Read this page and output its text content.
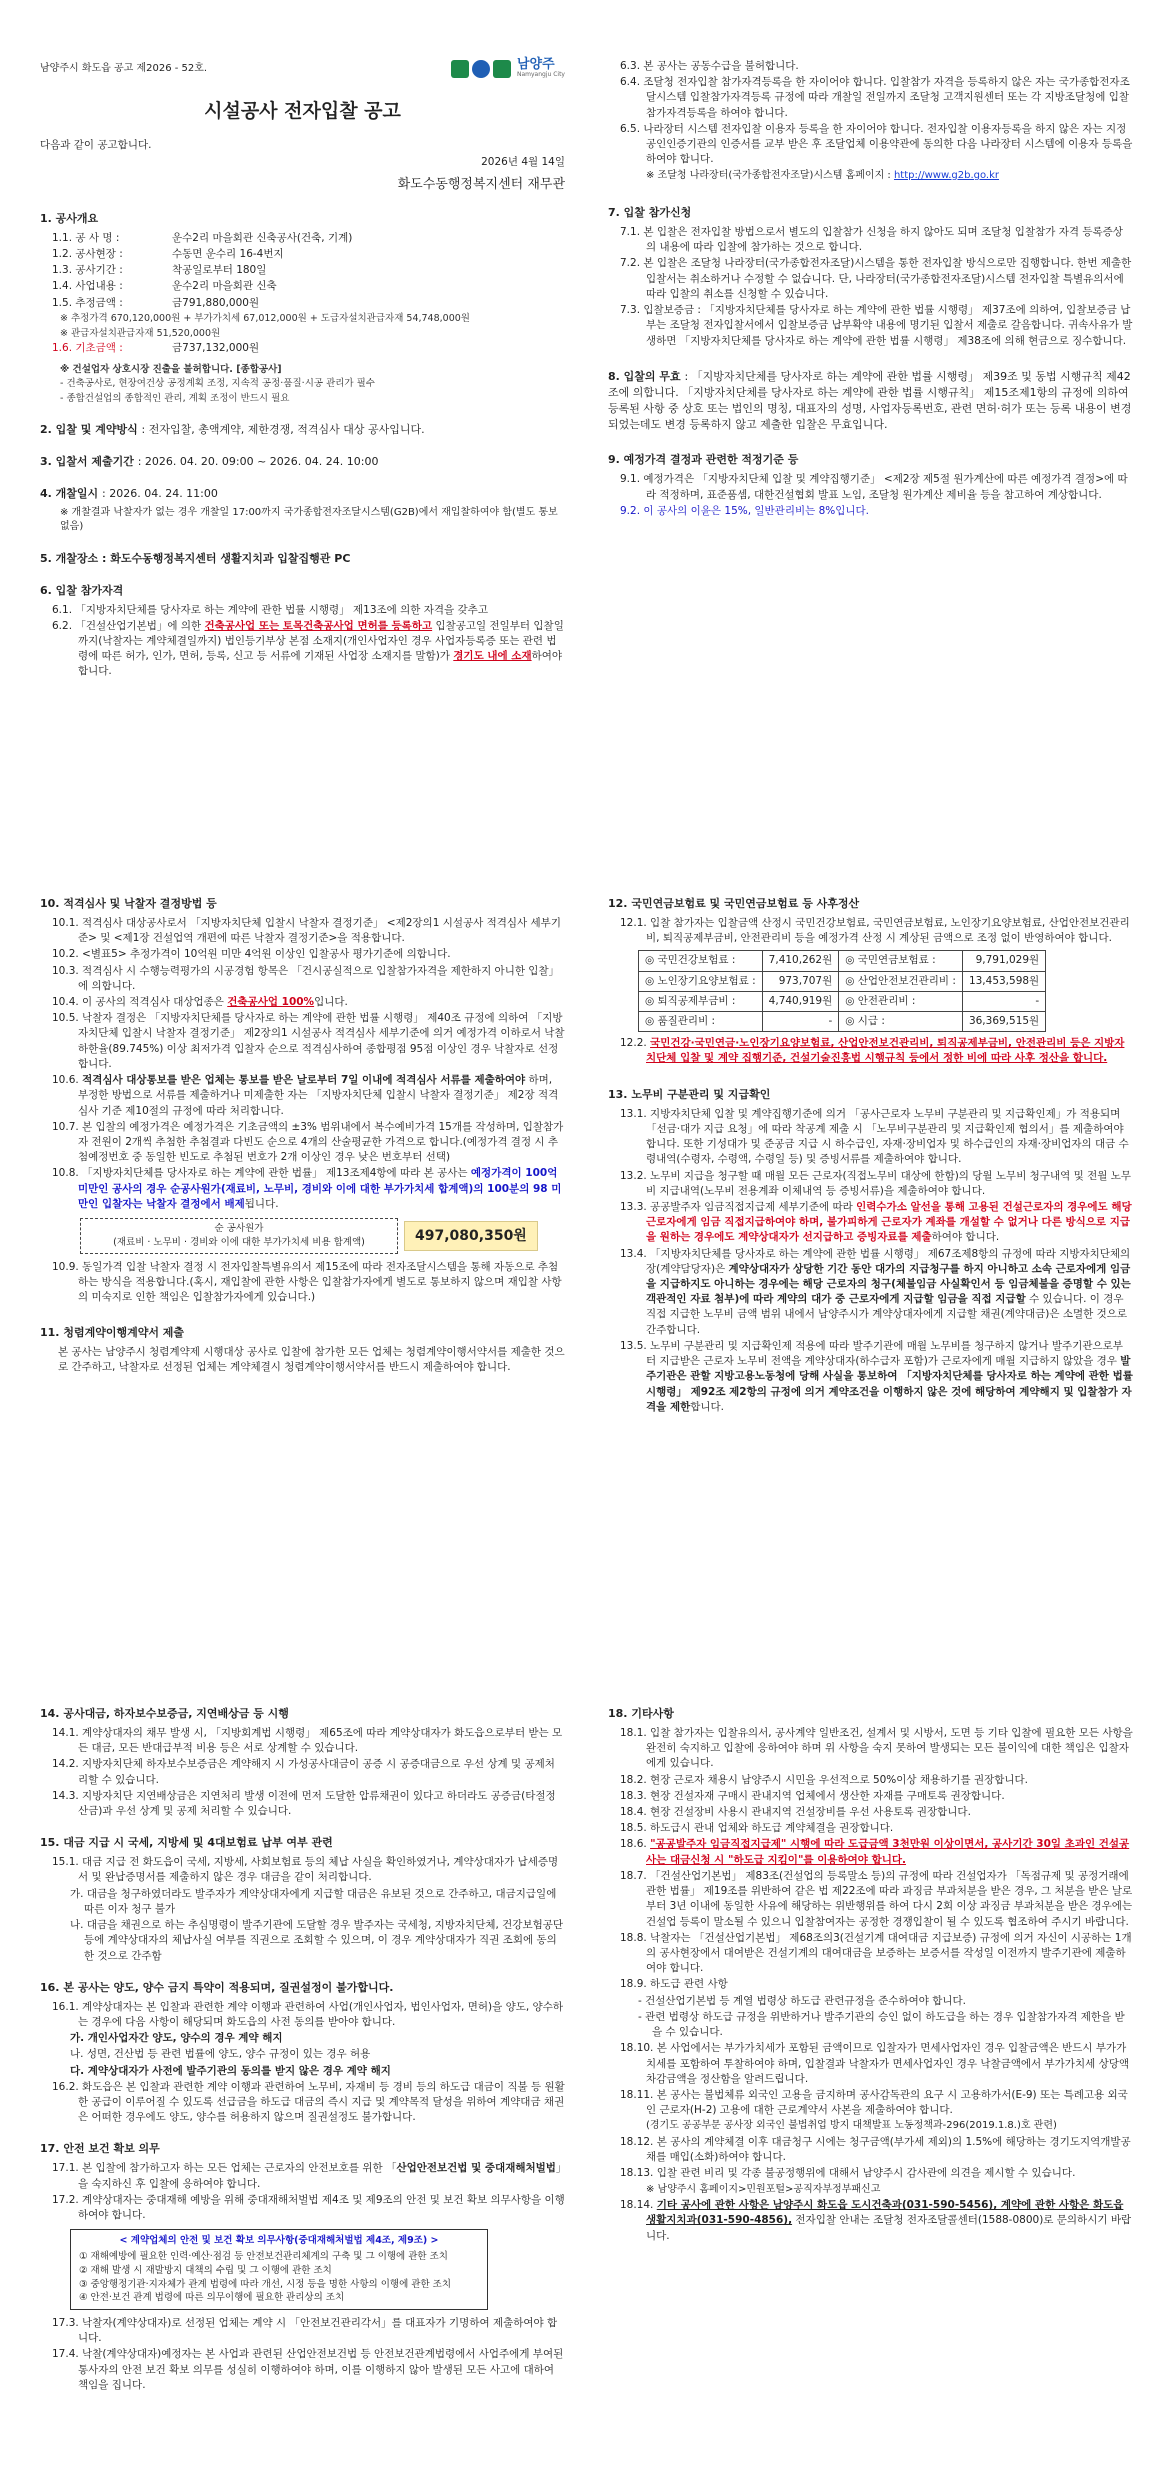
남양주시 화도읍 공고 제2026 - 52호.	남양주
Namyangju City

시설공사 전자입찰 공고

다음과 같이 공고합니다.

2026년 4월 14일

화도수동행정복지센터 재무관

1. 공사개요

1.1. 공 사 명 :	운수2리 마을회관 신축공사(건축, 기계)
1.2. 공사현장 :	수동면 운수리 16-4번지
1.3. 공사기간 :	착공일로부터 180일
1.4. 사업내용 :	운수2리 마을회관 신축
1.5. 추정금액 :	금791,880,000원

※ 추정가격 670,120,000원 + 부가가치세 67,012,000원 + 도급자설치관급자재 54,748,000원

※ 관급자설치관급자재 51,520,000원

1.6. 기초금액 :	금737,132,000원

※ 건설업자 상호시장 진출을 불허합니다. [종합공사]

- 건축공사로, 현장여건상 공정계획 조정, 지속적 공정·품질·시공 관리가 필수

- 종합건설업의 종합적인 관리, 계획 조정이 반드시 필요

2. 입찰 및 계약방식 : 전자입찰, 총액계약, 제한경쟁, 적격심사 대상 공사입니다.

3. 입찰서 제출기간 : 2026. 04. 20. 09:00 ~ 2026. 04. 24. 10:00

4. 개찰일시 : 2026. 04. 24. 11:00

※ 개찰결과 낙찰자가 없는 경우 개찰일 17:00까지 국가종합전자조달시스템(G2B)에서 재입찰하여야 함(별도 통보 없음)

5. 개찰장소 : 화도수동행정복지센터 생활지치과 입찰집행관 PC

6. 입찰 참가자격

6.1. 「지방자치단체를 당사자로 하는 계약에 관한 법률 시행령」 제13조에 의한 자격을 갖추고

6.2. 「건설산업기본법」에 의한 건축공사업 또는 토목건축공사업 면허를 등록하고 입찰공고일 전일부터 입찰일까지(낙찰자는 계약체결일까지) 법인등기부상 본점 소재지(개인사업자인 경우 사업자등록증 또는 관련 법령에 따른 허가, 인가, 면허, 등록, 신고 등 서류에 기재된 사업장 소재지를 말함)가 경기도 내에 소재하여야 합니다.

6.3. 본 공사는 공동수급을 불허합니다.

6.4. 조달청 전자입찰 참가자격등록을 한 자이어야 합니다. 입찰참가 자격을 등록하지 않은 자는 국가종합전자조달시스템 입찰참가자격등록 규정에 따라 개찰일 전일까지 조달청 고객지원센터 또는 각 지방조달청에 입찰참가자격등록을 하여야 합니다.

6.5. 나라장터 시스템 전자입찰 이용자 등록을 한 자이어야 합니다. 전자입찰 이용자등록을 하지 않은 자는 지정 공인인증기관의 인증서를 교부 받은 후 조달업체 이용약관에 동의한 다음 나라장터 시스템에 이용자 등록을 하여야 합니다.

※ 조달청 나라장터(국가종합전자조달)시스템 홈페이지 : http://www.g2b.go.kr

7. 입찰 참가신청

7.1. 본 입찰은 전자입찰 방법으로서 별도의 입찰참가 신청을 하지 않아도 되며 조달청 입찰참가 자격 등록증상의 내용에 따라 입찰에 참가하는 것으로 합니다.

7.2. 본 입찰은 조달청 나라장터(국가종합전자조달)시스템을 통한 전자입찰 방식으로만 집행합니다. 한번 제출한 입찰서는 취소하거나 수정할 수 없습니다. 단, 나라장터(국가종합전자조달)시스템 전자입찰 특별유의서에 따라 입찰의 취소를 신청할 수 있습니다.

7.3. 입찰보증금 : 「지방자치단체를 당사자로 하는 계약에 관한 법률 시행령」 제37조에 의하여, 입찰보증금 납부는 조달청 전자입찰서에서 입찰보증금 납부확약 내용에 명기된 입찰서 제출로 갈음합니다. 귀속사유가 발생하면 「지방자치단체를 당사자로 하는 계약에 관한 법률 시행령」 제38조에 의해 현금으로 징수합니다.

8. 입찰의 무효 : 「지방자치단체를 당사자로 하는 계약에 관한 법률 시행령」 제39조 및 동법 시행규칙 제42조에 의합니다. 「지방자치단체를 당사자로 하는 계약에 관한 법률 시행규칙」 제15조제1항의 규정에 의하여 등록된 사항 중 상호 또는 법인의 명칭, 대표자의 성명, 사업자등록번호, 관련 면허·허가 또는 등록 내용이 변경되었는데도 변경 등록하지 않고 제출한 입찰은 무효입니다.

9. 예정가격 결정과 관련한 적정기준 등

9.1. 예정가격은 「지방자치단체 입찰 및 계약집행기준」 <제2장 제5절 원가계산에 따른 예정가격 결정>에 따라 적정하며, 표준품셈, 대한건설협회 발표 노임, 조달청 원가계산 제비율 등을 참고하여 계상합니다.

9.2. 이 공사의 이윤은 15%, 일반관리비는 8%입니다.

10. 적격심사 및 낙찰자 결정방법 등

10.1. 적격심사 대상공사로서 「지방자치단체 입찰시 낙찰자 결정기준」 <제2장의1 시설공사 적격심사 세부기준> 및 <제1장 건설업역 개편에 따른 낙찰자 결정기준>을 적용합니다.

10.2. <별표5> 추정가격이 10억원 미만 4억원 이상인 입찰공사 평가기준에 의합니다.

10.3. 적격심사 시 수행능력평가의 시공경험 항목은 「건시공실적으로 입찰참가자격을 제한하지 아니한 입찰」에 의합니다.

10.4. 이 공사의 적격심사 대상업종은 건축공사업 100%입니다.

10.5. 낙찰자 결정은 「지방자치단체를 당사자로 하는 계약에 관한 법률 시행령」 제40조 규정에 의하여 「지방자치단체 입찰시 낙찰자 결정기준」 제2장의1 시설공사 적격심사 세부기준에 의거 예정가격 이하로서 낙찰하한율(89.745%) 이상 최저가격 입찰자 순으로 적격심사하여 종합평점 95점 이상인 경우 낙찰자로 선정합니다.

10.6. 적격심사 대상통보를 받은 업체는 통보를 받은 날로부터 7일 이내에 적격심사 서류를 제출하여야 하며, 부정한 방법으로 서류를 제출하거나 미제출한 자는 「지방자치단체 입찰시 낙찰자 결정기준」 제2장 적격심사 기준 제10절의 규정에 따라 처리합니다.

10.7. 본 입찰의 예정가격은 예정가격은 기초금액의 ±3% 범위내에서 복수예비가격 15개를 작성하며, 입찰참가자 전원이 2개씩 추첨한 추첨결과 다빈도 순으로 4개의 산술평균한 가격으로 합니다.(예정가격 결정 시 추첨예정번호 중 동일한 빈도로 추첨된 번호가 2개 이상인 경우 낮은 번호부터 선택)

10.8. 「지방자치단체를 당사자로 하는 계약에 관한 법률」 제13조제4항에 따라 본 공사는 예정가격이 100억 미만인 공사의 경우 순공사원가(재료비, 노무비, 경비와 이에 대한 부가가치세 합계액)의 100분의 98 미만인 입찰자는 낙찰자 결정에서 배제됩니다.

순 공사원가
(재료비 · 노무비 · 경비와 이에 대한 부가가치세 비용 합계액)	497,080,350원

10.9. 동일가격 입찰 낙찰자 결정 시 전자입찰특별유의서 제15조에 따라 전자조달시스템을 통해 자동으로 추첨하는 방식을 적용합니다.(혹시, 재입찰에 관한 사항은 입찰참가자에게 별도로 통보하지 않으며 재입찰 사항의 미숙지로 인한 책임은 입찰참가자에게 있습니다.)

11. 청렴계약이행계약서 제출

본 공사는 남양주시 청렴계약제 시행대상 공사로 입찰에 참가한 모든 업체는 청렴계약이행서약서를 제출한 것으로 간주하고, 낙찰자로 선정된 업체는 계약체결시 청렴계약이행서약서를 반드시 제출하여야 합니다.

12. 국민연금보험료 및 국민연금보험료 등 사후정산

12.1. 입찰 참가자는 입찰금액 산정시 국민건강보험료, 국민연금보험료, 노인장기요양보험료, 산업안전보건관리비, 퇴직공제부금비, 안전관리비 등을 예정가격 산정 시 계상된 금액으로 조정 없이 반영하여야 합니다.

◎ 국민건강보험료 :	7,410,262원	◎ 국민연금보험료 :	9,791,029원
◎ 노인장기요양보험료 :	973,707원	◎ 산업안전보건관리비 :	13,453,598원
◎ 퇴직공제부금비 :	4,740,919원	◎ 안전관리비 :	-
◎ 품질관리비 :	-	◎ 시급 :	36,369,515원

12.2. 국민건강·국민연금·노인장기요양보험료, 산업안전보건관리비, 퇴직공제부금비, 안전관리비 등은 지방자치단체 입찰 및 계약 집행기준, 건설기술진흥법 시행규칙 등에서 정한 비에 따라 사후 정산을 합니다.

13. 노무비 구분관리 및 지급확인

13.1. 지방자치단체 입찰 및 계약집행기준에 의거 「공사근로자 노무비 구분관리 및 지급확인제」가 적용되며 「선금·대가 지급 요청」에 따라 착공계 제출 시 「노무비구분관리 및 지급확인제 협의서」를 제출하여야 합니다. 또한 기성대가 및 준공금 지급 시 하수급인, 자재·장비업자 및 하수급인의 자재·장비업자의 대금 수령내역(수령자, 수령액, 수령일 등) 및 증빙서류를 제출하여야 합니다.

13.2. 노무비 지급을 청구할 때 매월 모든 근로자(직접노무비 대상에 한함)의 당월 노무비 청구내역 및 전월 노무비 지급내역(노무비 전용계좌 이체내역 등 증빙서류)을 제출하여야 합니다.

13.3. 공공발주자 임금직접지급제 세부기준에 따라 인력수가소 알선을 통해 고용된 건설근로자의 경우에도 해당 근로자에게 임금 직접지급하여야 하며, 불가피하게 근로자가 계좌를 개설할 수 없거나 다른 방식으로 지급을 원하는 경우에도 계약상대자가 선지급하고 증빙자료를 제출하여야 합니다.

13.4. 「지방자치단체를 당사자로 하는 계약에 관한 법률 시행령」 제67조제8항의 규정에 따라 지방자치단체의 장(계약담당자)은 계약상대자가 상당한 기간 동안 대가의 지급청구를 하지 아니하고 소속 근로자에게 임금을 지급하지도 아니하는 경우에는 해당 근로자의 청구(체불임금 사실확인서 등 임금체불을 증명할 수 있는 객관적인 자료 첨부)에 따라 계약의 대가 중 근로자에게 지급할 임금을 직접 지급할 수 있습니다. 이 경우 직접 지급한 노무비 금액 범위 내에서 남양주시가 계약상대자에게 지급할 채권(계약대금)은 소멸한 것으로 간주합니다.

13.5. 노무비 구분관리 및 지급확인제 적용에 따라 발주기관에 매월 노무비를 청구하지 않거나 발주기관으로부터 지급받은 근로자 노무비 전액을 계약상대자(하수급자 포함)가 근로자에게 매월 지급하지 않았을 경우 발주기관은 관할 지방고용노동청에 당해 사실을 통보하여 「지방자치단체를 당사자로 하는 계약에 관한 법률 시행령」 제92조 제2항의 규정에 의거 계약조건을 이행하지 않은 것에 해당하여 계약해지 및 입찰참가 자격을 제한합니다.

14. 공사대금, 하자보수보증금, 지연배상금 등 시행

14.1. 계약상대자의 채무 발생 시, 「지방회계법 시행령」 제65조에 따라 계약상대자가 화도읍으로부터 받는 모든 대금, 모든 반대급부적 비용 등은 서로 상계할 수 있습니다.

14.2. 지방자치단체 하자보수보증금은 계약해지 시 가성공사대금이 공증 시 공증대금으로 우선 상계 및 공제처리할 수 있습니다.

14.3. 지방자치단 지연배상금은 지연처리 발생 이전에 먼저 도달한 압류채권이 있다고 하더라도 공증금(타절정산금)과 우선 상계 및 공제 처리할 수 있습니다.

15. 대금 지급 시 국세, 지방세 및 4대보험료 납부 여부 관련

15.1. 대금 지급 전 화도읍이 국세, 지방세, 사회보험료 등의 체납 사실을 확인하였거나, 계약상대자가 납세증명서 및 완납증명서를 제출하지 않은 경우 대금을 같이 처리합니다.

가. 대금을 청구하였더라도 발주자가 계약상대자에게 지급할 대금은 유보된 것으로 간주하고, 대금지급일에 따른 이자 청구 불가

나. 대금을 채권으로 하는 추심명령이 발주기관에 도달할 경우 발주자는 국세청, 지방자치단체, 건강보험공단 등에 계약상대자의 체납사실 여부를 직권으로 조회할 수 있으며, 이 경우 계약상대자가 직권 조회에 동의한 것으로 간주함

16. 본 공사는 양도, 양수 금지 특약이 적용되며, 질권설정이 불가합니다.

16.1. 계약상대자는 본 입찰과 관련한 계약 이행과 관련하여 사업(개인사업자, 법인사업자, 면허)을 양도, 양수하는 경우에 다음 사항이 해당되며 화도읍의 사전 동의를 받아야 합니다.

가. 개인사업자간 양도, 양수의 경우 계약 해지

나. 성면, 건산법 등 관련 법률에 양도, 양수 규정이 있는 경우 허용

다. 계약상대자가 사전에 발주기관의 동의를 받지 않은 경우 계약 해지

16.2. 화도읍은 본 입찰과 관련한 계약 이행과 관련하여 노무비, 자재비 등 경비 등의 하도급 대금이 직불 등 원활한 공급이 이루어질 수 있도록 선급금을 하도급 대금의 즉시 지급 및 계약목적 달성을 위하여 계약대금 채권은 어떠한 경우에도 양도, 양수를 허용하지 않으며 질권설정도 불가합니다.

17. 안전 보건 확보 의무

17.1. 본 입찰에 참가하고자 하는 모든 업체는 근로자의 안전보호를 위한 「산업안전보건법 및 중대재해처벌법」을 숙지하신 후 입찰에 응하여야 합니다.

17.2. 계약상대자는 중대재해 예방을 위해 중대재해처벌법 제4조 및 제9조의 안전 및 보건 확보 의무사항을 이행하여야 합니다.

< 계약업체의 안전 및 보건 확보 의무사항(중대재해처벌법 제4조, 제9조) >
① 재해예방에 필요한 인력·예산·점검 등 안전보건관리체계의 구축 및 그 이행에 관한 조치
② 재해 발생 시 재발방지 대책의 수립 및 그 이행에 관한 조치
③ 중앙행정기관·지자체가 관계 법령에 따라 개선, 시정 등을 명한 사항의 이행에 관한 조치
④ 안전·보건 관계 법령에 따른 의무이행에 필요한 관리상의 조치

17.3. 낙찰자(계약상대자)로 선정된 업체는 계약 시 「안전보건관리각서」를 대표자가 기명하여 제출하여야 합니다.

17.4. 낙찰(계약상대자)예정자는 본 사업과 관련된 산업안전보건법 등 안전보건관계법령에서 사업주에게 부여된 통사자의 안전 보건 확보 의무를 성실히 이행하여야 하며, 이를 이행하지 않아 발생된 모든 사고에 대하여 책임을 집니다.

18. 기타사항

18.1. 입찰 참가자는 입찰유의서, 공사계약 일반조건, 설계서 및 시방서, 도면 등 기타 입찰에 필요한 모든 사항을 완전히 숙지하고 입찰에 응하여야 하며 위 사항을 숙지 못하여 발생되는 모든 불이익에 대한 책임은 입찰자에게 있습니다.

18.2. 현장 근로자 채용시 남양주시 시민을 우선적으로 50%이상 채용하기를 권장합니다.

18.3. 현장 건설자재 구매시 관내지역 업체에서 생산한 자재를 구매토록 권장합니다.

18.4. 현장 건설장비 사용시 관내지역 건설장비를 우선 사용토록 권장합니다.

18.5. 하도급시 관내 업체와 하도급 계약체결을 권장합니다.

18.6. "공공발주자 임금직접지급제" 시행에 따라 도급금액 3천만원 이상이면서, 공사기간 30일 초과인 건설공사는 대금신청 시 "하도급 지킴이"를 이용하여야 합니다.

18.7. 「건설산업기본법」 제83조(건설업의 등록말소 등)의 규정에 따라 건설업자가 「독점규제 및 공정거래에 관한 법률」 제19조를 위반하여 같은 법 제22조에 따라 과징금 부과처분을 받은 경우, 그 처분을 받은 날로부터 3년 이내에 동일한 사유에 해당하는 위반행위를 하여 다시 2회 이상 과징금 부과처분을 받은 경우에는 건설업 등록이 말소될 수 있으니 입찰참여자는 공정한 경쟁입찰이 될 수 있도록 협조하여 주시기 바랍니다.

18.8. 낙찰자는 「건설산업기본법」 제68조의3(건설기계 대여대금 지급보증) 규정에 의거 자신이 시공하는 1개의 공사현장에서 대여받은 건설기계의 대여대금을 보증하는 보증서를 작성일 이전까지 발주기관에 제출하여야 합니다.

18.9. 하도급 관련 사항

- 건설산업기본법 등 계열 법령상 하도급 관련규정을 준수하여야 합니다.

- 관련 법령상 하도급 규정을 위반하거나 발주기관의 승인 없이 하도급을 하는 경우 입찰참가자격 제한을 받을 수 있습니다.

18.10. 본 사업에서는 부가가치세가 포함된 금액이므로 입찰자가 면세사업자인 경우 입찰금액은 반드시 부가가치세를 포함하여 투찰하여야 하며, 입찰결과 낙찰자가 면세사업자인 경우 낙찰금액에서 부가가치세 상당액 차감금액을 정산함을 알려드립니다.

18.11. 본 공사는 불법체류 외국인 고용을 금지하며 공사감독관의 요구 시 고용하가서(E-9) 또는 특례고용 외국인 근로자(H-2) 고용에 대한 근로계약서 사본을 제출하여야 합니다.

(경기도 공공부문 공사장 외국인 불법취업 방지 대책발표 노동정책과-296(2019.1.8.)호 관련)

18.12. 본 공사의 계약체결 이후 대금청구 시에는 청구금액(부가세 제외)의 1.5%에 해당하는 경기도지역개발공채를 매입(소화)하여야 합니다.

18.13. 입찰 관련 비리 및 각종 불공정행위에 대해서 남양주시 감사관에 의견을 제시할 수 있습니다.

※ 남양주시 홈페이지>민원포털>공직자부정부패신고

18.14. 기타 공사에 관한 사항은 남양주시 화도읍 도시건축과(031-590-5456), 계약에 관한 사항은 화도읍 생활지치과(031-590-4856), 전자입찰 안내는 조달청 전자조달콜센터(1588-0800)로 문의하시기 바랍니다.
